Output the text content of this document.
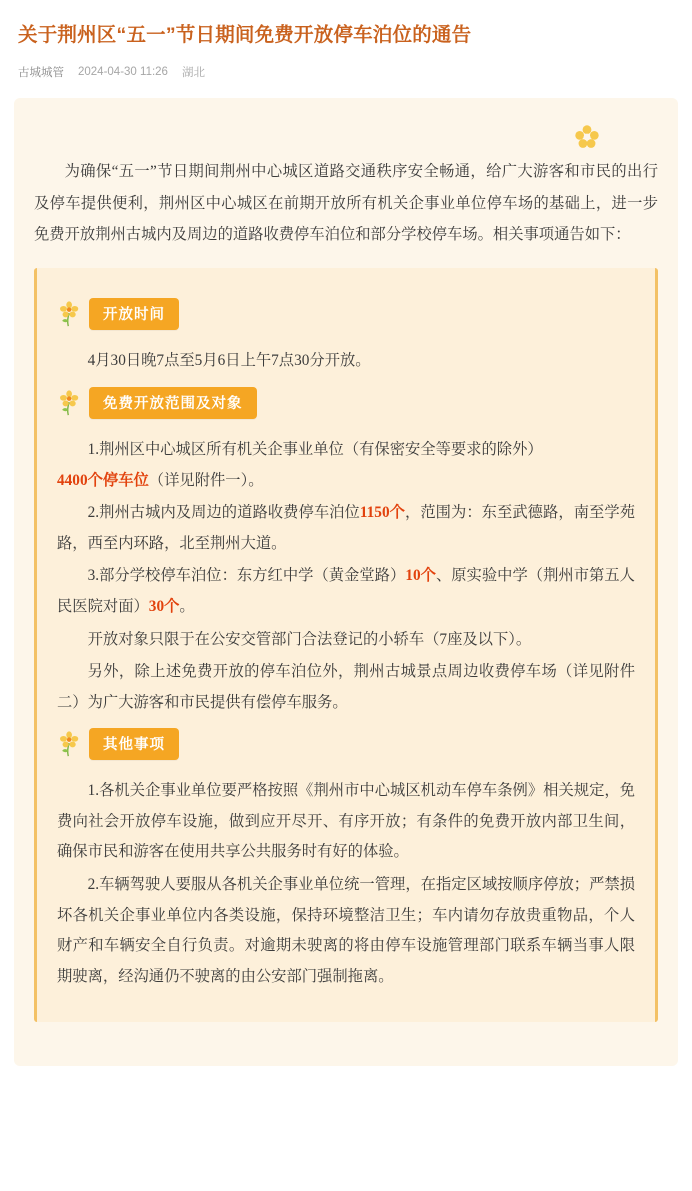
关于荆州区“五一”节日期间免费开放停车泊位的通告
古城城管 2024-04-30 11:26 湖北

为确保“五一”节日期间荆州中心城区道路交通秩序安全畅通，给广大游客和市民的出行及停车提供便利，荆州区中心城区在前期开放所有机关企事业单位停车场的基础上，进一步免费开放荆州古城内及周边的道路收费停车泊位和部分学校停车场。相关事项通告如下：

开放时间

4月30日晚7点至5月6日上午7点30分开放。

免费开放范围及对象

1.荆州区中心城区所有机关企事业单位（有保密安全等要求的除外）
4400个停车位（详见附件一）。

2.荆州古城内及周边的道路收费停车泊位1150个，范围为：东至武德路，南至学苑路，西至内环路，北至荆州大道。

3.部分学校停车泊位：东方红中学（黄金堂路）10个、原实验中学（荆州市第五人民医院对面）30个。

开放对象只限于在公安交管部门合法登记的小轿车（7座及以下）。

另外，除上述免费开放的停车泊位外，荆州古城景点周边收费停车场（详见附件二）为广大游客和市民提供有偿停车服务。

其他事项

1.各机关企事业单位要严格按照《荆州市中心城区机动车停车条例》相关规定，免费向社会开放停车设施，做到应开尽开、有序开放；有条件的免费开放内部卫生间，确保市民和游客在使用共享公共服务时有好的体验。

2.车辆驾驶人要服从各机关企事业单位统一管理，在指定区域按顺序停放；严禁损坏各机关企事业单位内各类设施，保持环境整洁卫生；车内请勿存放贵重物品，个人财产和车辆安全自行负责。对逾期未驶离的将由停车设施管理部门联系车辆当事人限期驶离，经沟通仍不驶离的由公安部门强制拖离。
